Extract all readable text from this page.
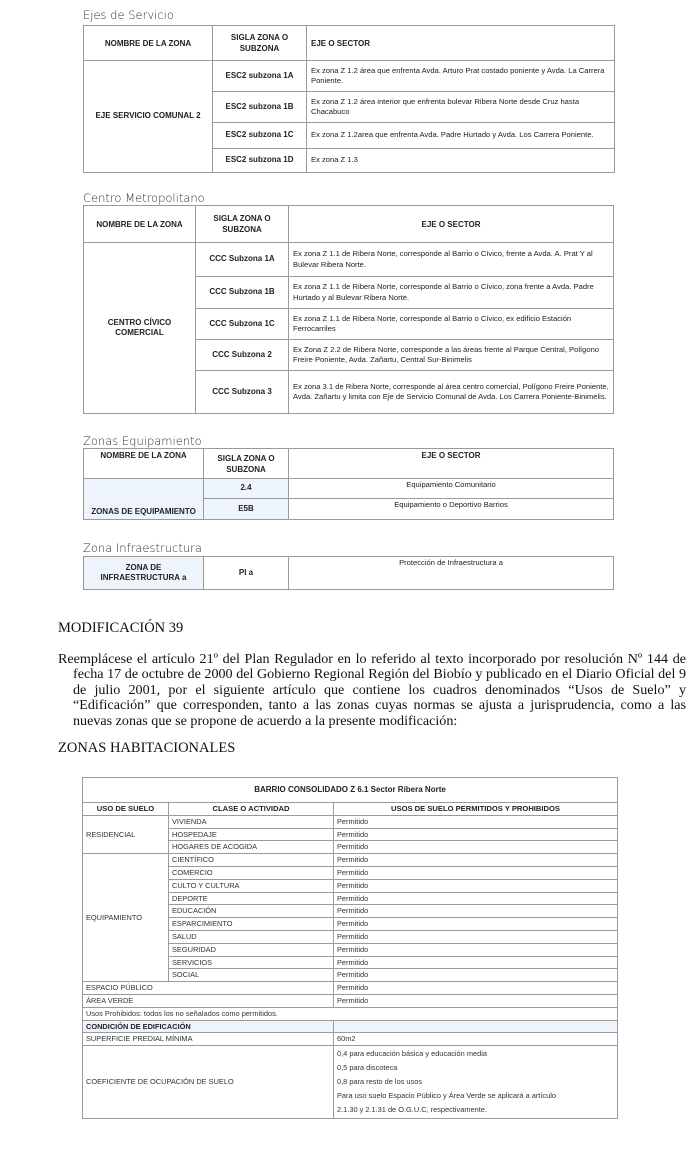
Ejes de Servicio
NOMBRE DE LA ZONA	SIGLA ZONA O SUBZONA	EJE O SECTOR
EJE SERVICIO COMUNAL 2	ESC2 subzona 1A	Ex zona Z 1.2 área que enfrenta Avda. Arturo Prat costado poniente y Avda. La Carrera Poniente.
	ESC2 subzona 1B	Ex zona Z 1.2 área interior que enfrenta bulevar Ribera Norte desde Cruz hasta Chacabuco
	ESC2 subzona 1C	Ex zona Z 1.2area que enfrenta Avda. Padre Hurtado y Avda. Los Carrera Poniente.
	ESC2 subzona 1D	Ex zona Z 1.3
Centro Metropolitano
NOMBRE DE LA ZONA	SIGLA ZONA O SUBZONA	EJE O SECTOR
CENTRO CÍVICO COMERCIAL	CCC Subzona 1A	Ex zona Z 1.1 de Ribera Norte, corresponde al Barrio o Cívico, frente a Avda. A. Prat Y al Bulevar Ribera Norte.
	CCC Subzona 1B	Ex zona Z 1.1 de Ribera Norte, corresponde al Barrio o Cívico, zona frente a Avda. Padre Hurtado y al Bulevar Ribera Norte.
	CCC Subzona 1C	Ex zona Z 1.1 de Ribera Norte, corresponde al Barrio o Cívico, ex edificio Estación Ferrocarriles
	CCC Subzona 2	Ex Zona Z 2.2 de Ribera Norte, corresponde a las áreas frente al Parque Central, Polígono Freire Poniente, Avda. Zañartu, Central Sur-Binimelis
	CCC Subzona 3	Ex zona 3.1 de Ribera Norte, corresponde al área centro comercial, Polígono Freire Poniente, Avda. Zañartu y limita con Eje de Servicio Comunal de Avda. Los Carrera Poniente-Binimelis.
Zonas Equipamiento
NOMBRE DE LA ZONA	SIGLA ZONA O SUBZONA	EJE O SECTOR
ZONAS DE EQUIPAMIENTO	2.4	Equipamiento Comunitario
	E5B	Equipamiento o Deportivo Barrios
Zona Infraestructura
ZONA DE INFRAESTRUCTURA a	PI a	Protección de Infraestructura a
MODIFICACIÓN 39
Reemplácese el artículo 21º del Plan Regulador en lo referido al texto incorporado por resolución Nº 144 de fecha 17 de octubre de 2000 del Gobierno Regional Región del Biobío y publicado en el Diario Oficial del 9 de julio 2001, por el siguiente artículo que contiene los cuadros denominados “Usos de Suelo” y “Edificación” que corresponden, tanto a las zonas cuyas normas se ajusta a jurisprudencia, como a las nuevas zonas que se propone de acuerdo a la presente modificación:
ZONAS HABITACIONALES
BARRIO CONSOLIDADO Z 6.1 Sector Ribera Norte		
USO DE SUELO	CLASE O ACTIVIDAD	USOS DE SUELO PERMITIDOS Y PROHIBIDOS
RESIDENCIAL	VIVIENDA	Permitido
	HOSPEDAJE	Permitido
	HOGARES DE ACOGIDA	Permitido
EQUIPAMIENTO	CIENTÍFICO	Permitido
	COMERCIO	Permitido
	CULTO Y CULTURA	Permitido
	DEPORTE	Permitido
	EDUCACIÓN	Permitido
	ESPARCIMIENTO	Permitido
	SALUD	Permitido
	SEGURIDAD	Permitido
	SERVICIOS	Permitido
	SOCIAL	Permitido
ESPACIO PÚBLICO		Permitido
ÁREA VERDE		Permitido
Usos Prohibidos: todos los no señalados como permitidos.		
CONDICIÓN DE EDIFICACIÓN		
SUPERFICIE PREDIAL MÍNIMA		60m2
COEFICIENTE DE OCUPACIÓN DE SUELO		0,4 para educación básica y educación media
0,5 para discoteca
0,8 para resto de los usos
Para uso suelo Espacio Público y Área Verde se aplicará a artículo
2.1.30 y 2.1.31 de O.G.U.C, respectivamente.
